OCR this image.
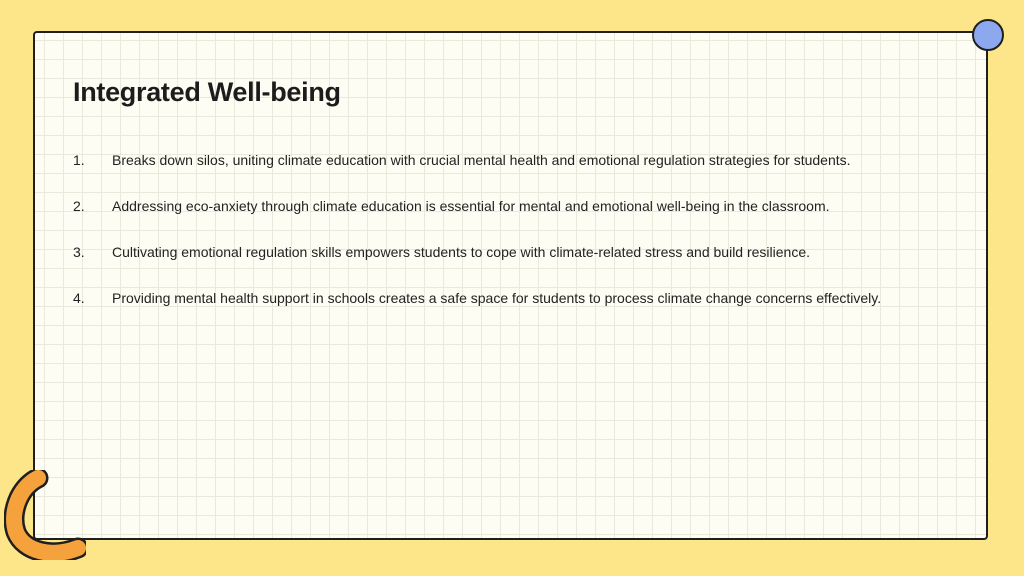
Integrated Well-being
1.	Breaks down silos, uniting climate education with crucial mental health and emotional regulation strategies for students.
2.	Addressing eco-anxiety through climate education is essential for mental and emotional well-being in the classroom.
3.	Cultivating emotional regulation skills empowers students to cope with climate-related stress and build resilience.
4.	Providing mental health support in schools creates a safe space for students to process climate change concerns effectively.
